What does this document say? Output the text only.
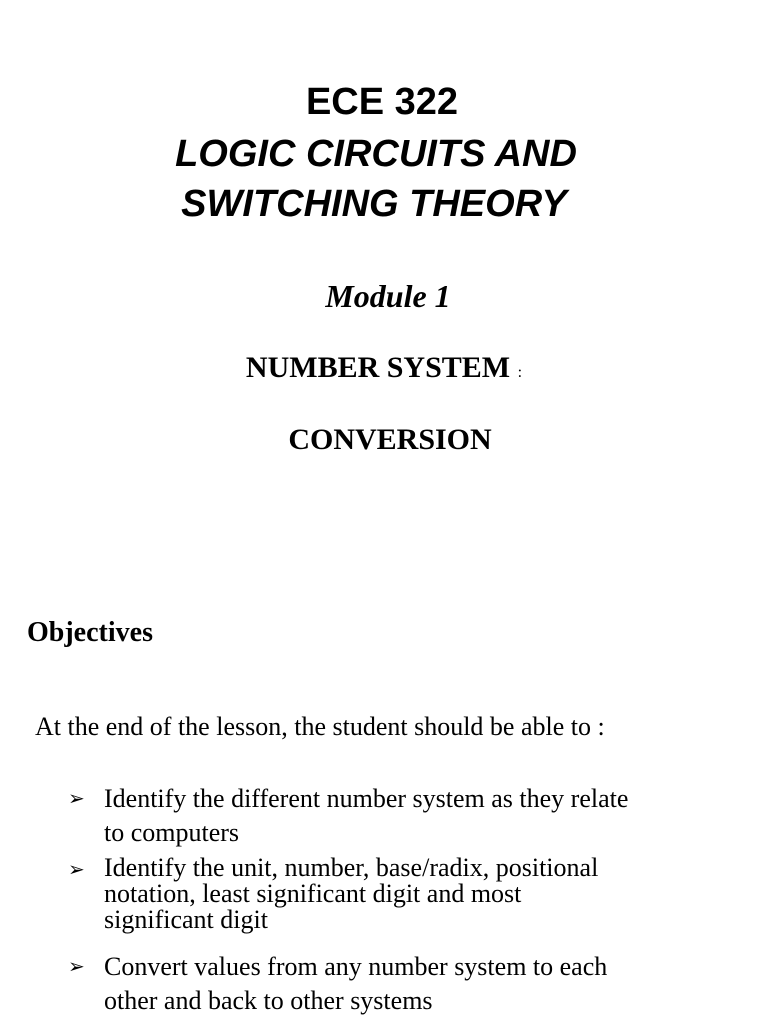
ECE 322
LOGIC CIRCUITS AND
SWITCHING THEORY
Module 1
NUMBER SYSTEM :
CONVERSION
Objectives
At the end of the lesson, the student should be able to :
➢ Identify the different number system as they relate
to computers
➢ Identify the unit, number, base/radix, positional
notation, least significant digit and most
significant digit
➢ Convert values from any number system to each
other and back to other systems
